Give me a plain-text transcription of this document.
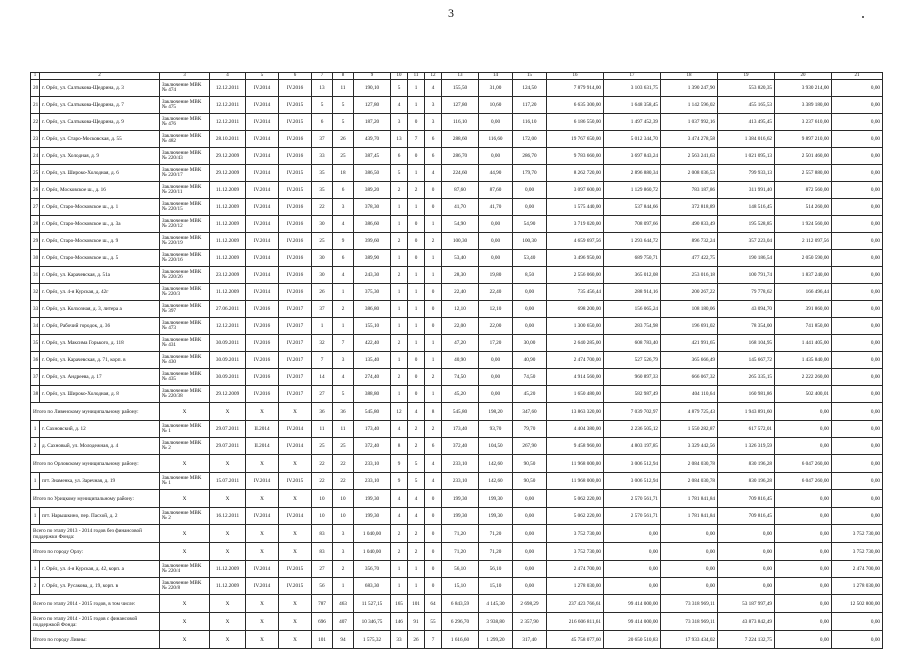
3
1	2	3	4	5	6	7	8	9	10	11	12	13	14	15	16	17	18	19	20	21
20	г. Орёл, ул. Салтыкова-Щедрина, д. 3	Заключение МВК № 474	12.12.2011	IV.2014	IV.2016	13	11	190,10	5	1	4	155,50	31,00	124,50	7 879 914,00	3 103 631,75	1 390 247,90	553 820,35	3 930 214,00	0,00
21	г. Орёл, ул. Салтыкова-Щедрина, д. 7	Заключение МВК № 475	12.12.2011	IV.2014	IV.2015	5	5	127,80	4	1	3	127,80	10,60	117,20	6 635 300,00	1 648 358,45	1 142 596,02	455 165,53	3 389 180,00	0,00
22	г. Орёл, ул. Салтыкова-Щедрина, д. 9	Заключение МВК № 476	12.12.2011	IV.2014	IV.2015	6	5	187,20	3	0	3	116,10	0,00	116,10	6 186 550,00	1 497 452,39	1 037 992,16	413 495,45	3 237 610,00	0,00
23	г. Орёл, ул. Старо-Московская, д. 55	Заключение МВК № 482	28.10.2011	IV.2014	IV.2016	37	26	439,70	13	7	6	288,60	116,60	172,00	19 767 650,00	5 012 344,70	3 474 278,58	1 384 016,62	9 897 210,00	0,00
24	г. Орёл, ул. Холодная, д. 9	Заключение МВК № 220/43	29.12.2009	IV.2014	IV.2016	33	25	387,45	6	0	6	286,70	0,00	286,70	9 783 660,00	3 697 843,24	2 563 241,63	1 021 095,13	2 501 460,00	0,00
25	г. Орёл, ул. Широко-Холодная, д. 6	Заключение МВК № 220/17	29.12.2009	IV.2014	IV.2015	35	18	386,50	5	1	4	224,60	44,90	179,70	8 262 720,00	2 896 880,34	2 008 036,53	799 933,13	2 557 880,00	0,00
26	г. Орёл, Московское ш., д. 16	Заключение МВК № 220/11	11.12.2009	IV.2014	IV.2015	35	6	389,20	2	2	0	87,60	87,60	0,00	3 097 600,00	1 129 860,72	783 187,86	311 991,40	872 560,00	0,00
27	г. Орёл, Старо-Московское ш., д. 1	Заключение МВК № 220/15	11.12.2009	IV.2014	IV.2016	22	3	378,30	1	1	0	41,70	41,70	0,00	1 575 440,00	537 844,66	372 818,89	148 516,45	514 260,00	0,00
28	г. Орёл, Старо-Московское ш., д. 3а	Заключение МВК № 220/12	11.12.2009	IV.2014	IV.2016	30	4	386,60	1	0	1	54,90	0,00	54,90	3 719 020,00	708 097,66	490 833,49	195 528,85	1 924 560,00	0,00
29	г. Орёл, Старо-Московское ш., д. 9	Заключение МВК № 220/19	11.12.2009	IV.2014	IV.2016	25	9	399,60	2	0	2	100,30	0,00	100,30	4 659 697,56	1 293 644,72	896 732,24	357 223,04	2 112 097,56	0,00
30	г. Орёл, Старо-Московское ш., д. 5	Заключение МВК № 220/16	11.12.2009	IV.2014	IV.2016	30	6	389,90	1	0	1	53,40	0,00	53,40	3 496 950,00	689 750,71	477 422,75	190 186,54	2 050 590,00	0,00
31	г. Орёл, ул. Карачевская, д. 51а	Заключение МВК № 220/26	23.12.2009	IV.2014	IV.2016	30	4	243,30	2	1	1	28,30	19,80	8,50	2 556 060,00	365 012,08	253 016,18	100 791,74	1 837 240,00	0,00
32	г. Орёл, ул. 4-я Курская, д. 42г	Заключение МВК № 220/3	11.12.2009	IV.2014	IV.2016	26	1	375,30	1	1	0	22,40	22,40	0,00	735 456,44	288 914,16	200 267,22	79 778,62	166 496,44	0,00
33	г. Орёл, ул. Колхозная, д. 3, литера а	Заключение МВК № 397	27.06.2011	IV.2016	IV.2017	37	2	386,80	1	1	0	12,10	12,10	0,00	698 200,00	156 065,24	108 180,06	43 094,70	391 860,00	0,00
34	г. Орёл, Рабочий городок, д. 36	Заключение МВК № 473	12.12.2011	IV.2016	IV.2017	1	1	155,10	1	1	0	22,00	22,00	0,00	1 300 650,00	283 754,98	196 691,02	78 354,00	741 850,00	0,00
35	г. Орёл, ул. Максима Горького, д. 118	Заключение МВК № 431	30.09.2011	IV.2016	IV.2017	32	7	422,40	2	1	1	47,20	17,20	30,00	2 640 285,00	608 783,40	421 991,65	168 104,95	1 441 405,00	0,00
36	г. Орёл, ул. Карачевская, д. 71, корп. в	Заключение МВК № 430	30.09.2011	IV.2016	IV.2017	7	3	135,40	1	0	1	40,90	0,00	40,90	2 474 700,00	527 526,79	365 666,49	145 667,72	1 435 840,00	0,00
37	г. Орёл, ул. Андреева, д. 17	Заключение МВК № 435	30.09.2011	IV.2016	IV.2017	14	4	274,40	2	0	2	74,50	0,00	74,50	4 914 560,00	960 897,33	666 067,32	265 335,15	2 222 260,00	0,00
38	г. Орёл, ул. Широко-Холодная, д. 8	Заключение МВК № 220/38	29.12.2009	IV.2016	IV.2017	27	5	388,80	1	0	1	45,20	0,00	45,20	1 650 480,00	582 987,49	404 110,64	160 981,86	502 400,01	0,00
Итого по Ливенскому муниципальному району:		X	X	X	X	36	36	545,80	12	4	8	545,80	198,20	347,60	13 863 320,00	7 039 702,97	4 879 725,43	1 943 891,60	0,00	0,00
1	г. Сахновский, д. 12	Заключение МВК № 1	29.07.2011	II.2014	IV.2014	11	11	173,40	4	2	2	173,40	93,70	79,70	4 404 380,00	2 236 505,12	1 550 282,87	617 572,01	0,00	0,00
2	д. Сахновый, ул. Молодежная, д. 4	Заключение МВК № 2	29.07.2011	II.2014	IV.2014	25	25	372,40	8	2	6	372,40	104,50	267,90	9 458 960,00	4 803 197,85	3 329 442,56	1 326 319,59	0,00	0,00
Итого по Орловскому муниципальному району:		X	X	X	X	22	22	233,10	9	5	4	233,10	142,60	90,50	11 968 000,00	3 006 512,94	2 084 030,78	830 196,28	6 047 260,00	0,00
1	пгт. Знаменка, ул. Заречная, д. 19	Заключение МВК № 1	15.07.2011	IV.2014	IV.2015	22	22	233,10	9	5	4	233,10	142,60	90,50	11 968 000,00	3 006 512,94	2 084 030,78	830 196,28	6 047 260,00	0,00
Итого по Урицкому муниципальному району:		X	X	X	X	10	10	199,30	4	4	0	199,30	199,30	0,00	5 062 220,00	2 570 561,71	1 781 841,84	709 816,45	0,00	0,00
1	пгт. Нарышкино, пер. Пасхой, д. 2	Заключение МВК № 2	16.12.2011	IV.2014	IV.2014	10	10	199,30	4	4	0	199,30	199,30	0,00	5 062 220,00	2 570 561,71	1 781 841,84	709 816,45	0,00	0,00
Всего по этапу 2013 - 2014 годов без финансовой поддержки Фонда:		X	X	X	X	83	3	1 040,00	2	2	0	71,20	71,20	0,00	3 752 730,00	0,00	0,00	0,00	0,00	3 752 730,00
Итого по городу Орлу:		X	X	X	X	83	3	1 040,00	2	2	0	71,20	71,20	0,00	3 752 730,00	0,00	0,00	0,00	0,00	3 752 730,00
1	г. Орёл, ул. 4-я Курская, д. 42, корп. а	Заключение МВК № 220/4	11.12.2009	IV.2014	IV.2015	27	2	356,70	1	1	0	56,10	56,10	0,00	2 474 700,00	0,00	0,00	0,00	0,00	2 474 700,00
2	г. Орёл, ул. Русакова, д. 19, корп. в	Заключение МВК № 220/8	11.12.2009	IV.2014	IV.2015	56	1	683,30	1	1	0	15,10	15,10	0,00	1 278 030,00	0,00	0,00	0,00	0,00	1 278 030,00
Всего по этапу 2014 - 2015 годов, в том числе:		X	X	X	X	787	463	11 527,15	165	101	64	6 843,59	4 145,30	2 698,29	237 423 766,61	99 414 000,00	73 318 969,11	53 187 997,49	0,00	12 502 800,00
Всего по этапу 2014 - 2015 годов с финансовой поддержкой Фонда:		X	X	X	X	696	407	10 346,75	146	91	55	6 296,70	3 938,80	2 357,90	216 606 811,61	99 414 000,00	73 318 969,11	43 873 842,49	0,00	0,00
Итого по городу Ливны:		X	X	X	X	101	94	1 575,32	33	26	7	1 616,60	1 299,20	317,40	45 758 077,60	20 650 510,83	17 933 434,02	7 224 132,75	0,00	0,00
